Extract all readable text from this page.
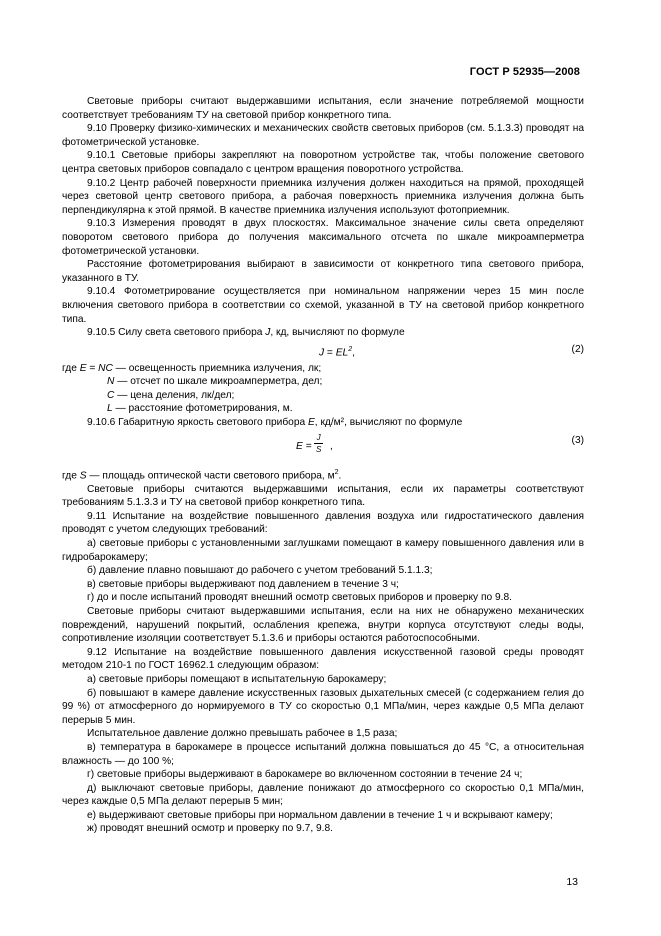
ГОСТ Р 52935—2008

Световые приборы считают выдержавшими испытания, если значение потребляемой мощности соответствует требованиям ТУ на световой прибор конкретного типа.

9.10 Проверку физико-химических и механических свойств световых приборов (см. 5.1.3.3) проводят на фотометрической установке.

9.10.1 Световые приборы закрепляют на поворотном устройстве так, чтобы положение светового центра световых приборов совпадало с центром вращения поворотного устройства.

9.10.2 Центр рабочей поверхности приемника излучения должен находиться на прямой, проходящей через световой центр светового прибора, а рабочая поверхность приемника излучения должна быть перпендикулярна к этой прямой. В качестве приемника излучения используют фотоприемник.

9.10.3 Измерения проводят в двух плоскостях. Максимальное значение силы света определяют поворотом светового прибора до получения максимального отсчета по шкале микроамперметра фотометрической установки.

Расстояние фотометрирования выбирают в зависимости от конкретного типа светового прибора, указанного в ТУ.

9.10.4 Фотометрирование осуществляется при номинальном напряжении через 15 мин после включения светового прибора в соответствии со схемой, указанной в ТУ на световой прибор конкретного типа.

9.10.5 Силу света светового прибора J, кд, вычисляют по формуле

$J = EL^2$,	(2)

где E = NC — освещенность приемника излучения, лк;

N — отсчет по шкале микроамперметра, дел;

C — цена деления, лк/дел;

L — расстояние фотометрирования, м.

9.10.6 Габаритную яркость светового прибора E, кд/м², вычисляют по формуле

$E = \frac{J}{S}$ ,
(3)

где S — площадь оптической части светового прибора, $м^2$.

Световые приборы считаются выдержавшими испытания, если их параметры соответствуют требованиям 5.1.3.3 и ТУ на световой прибор конкретного типа.

9.11 Испытание на воздействие повышенного давления воздуха или гидростатического давления проводят с учетом следующих требований:

а) световые приборы с установленными заглушками помещают в камеру повышенного давления или в гидробарокамеру;

б) давление плавно повышают до рабочего с учетом требований 5.1.1.3;

в) световые приборы выдерживают под давлением в течение 3 ч;

г) до и после испытаний проводят внешний осмотр световых приборов и проверку по 9.8.

Световые приборы считают выдержавшими испытания, если на них не обнаружено механических повреждений, нарушений покрытий, ослабления крепежа, внутри корпуса отсутствуют следы воды, сопротивление изоляции соответствует 5.1.3.6 и приборы остаются работоспособными.

9.12 Испытание на воздействие повышенного давления искусственной газовой среды проводят методом 210-1 по ГОСТ 16962.1 следующим образом:

а) световые приборы помещают в испытательную барокамеру;

б) повышают в камере давление искусственных газовых дыхательных смесей (с содержанием гелия до 99 %) от атмосферного до нормируемого в ТУ со скоростью 0,1 МПа/мин, через каждые 0,5 МПа делают перерыв 5 мин.

Испытательное давление должно превышать рабочее в 1,5 раза;

в) температура в барокамере в процессе испытаний должна повышаться до 45 °С, а относительная влажность — до 100 %;

г) световые приборы выдерживают в барокамере во включенном состоянии в течение 24 ч;

д) выключают световые приборы, давление понижают до атмосферного со скоростью 0,1 МПа/мин, через каждые 0,5 МПа делают перерыв 5 мин;

е) выдерживают световые приборы при нормальном давлении в течение 1 ч и вскрывают камеру;

ж) проводят внешний осмотр и проверку по 9.7, 9.8.

13
